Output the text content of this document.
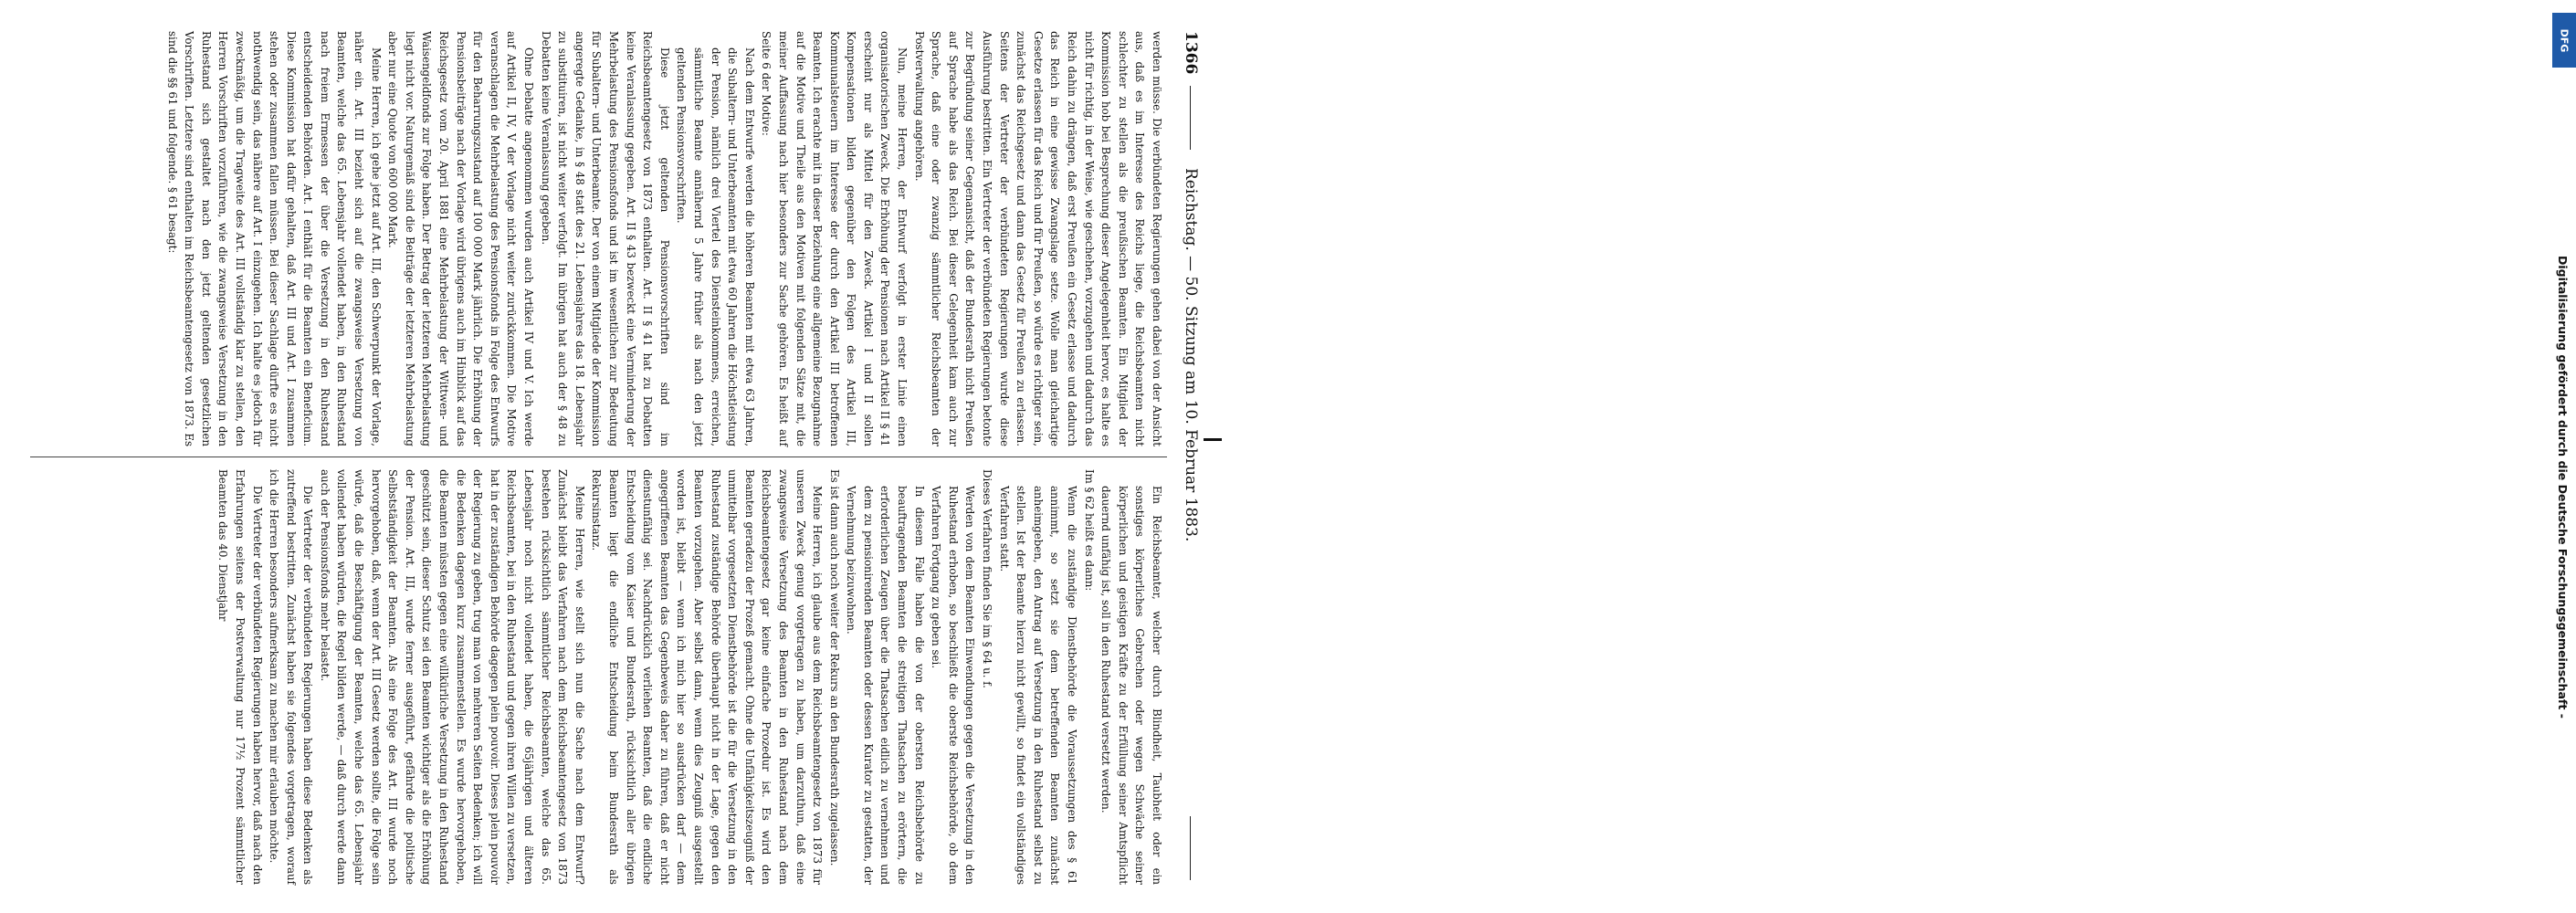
1366
Reichstag. — 50. Sitzung am 10. Februar 1883.

werden müsse. Die verbündeten Regierungen gehen dabei von der Ansicht aus, daß es im Interesse des Reichs liege, die Reichsbeamten nicht schlechter zu stellen als die preußischen Beamten. Ein Mitglied der Kommission hob bei Besprechung dieser Angelegenheit hervor, es halte es nicht für richtig, in der Weise, wie geschehen, vorzugehen und dadurch das Reich dahin zu drängen, daß erst Preußen ein Gesetz erlasse und dadurch das Reich in eine gewisse Zwangslage setze. Wolle man gleichartige Gesetze erlassen für das Reich und für Preußen, so würde es richtiger sein, zunächst das Reichsgesetz und dann das Gesetz für Preußen zu erlassen. Seitens der Vertreter der verbündeten Regierungen wurde diese Ausführung bestritten. Ein Vertreter der verbündeten Regierungen betonte zur Begründung seiner Gegenansicht, daß der Bundesrath nicht Preußen auf Sprache habe als das Reich. Bei dieser Gelegenheit kam auch zur Sprache, daß eine oder zwanzig sämmtlicher Reichsbeamten der Postverwaltung angehören.

Nun, meine Herren, der Entwurf verfolgt in erster Linie einen organisatorischen Zweck. Die Erhöhung der Pensionen nach Artikel II § 41 erscheint nur als Mittel für den Zweck. Artikel I und II sollen Kompensationen bilden gegenüber den Folgen des Artikel III, Kommunalsteuern im Interesse der durch den Artikel III betroffenen Beamten. Ich erachte mit in dieser Beziehung eine allgemeine Bezugnahme auf die Motive und Theile aus den Motiven mit folgenden Sätze mit, die meiner Auffassung nach hier besonders zur Sache gehören. Es heißt auf Seite 6 der Motive:

Nach dem Entwurfe werden die höheren Beamten mit etwa 63 Jahren, die Subaltern- und Unterbeamten mit etwa 60 Jahren die Höchstleistung der Pension, nämlich drei Viertel des Diensteinkommens, erreichen, sämmtliche Beamte annähernd 5 Jahre früher als nach den jetzt geltenden Pensionsvorschriften.

Diese jetzt geltenden Pensionsvorschriften sind im Reichsbeamtengesetz von 1873 enthalten. Art. II § 41 hat zu Debatten keine Veranlassung gegeben. Art. II § 43 bezweckt eine Verminderung der Mehrbelastung des Pensionsfonds und ist im wesentlichen zur Bedeutung für Subaltern- und Unterbeamte. Der von einem Mitgliede der Kommission angeregte Gedanke, in § 48 statt des 21. Lebensjahres das 18. Lebensjahr zu substituiren, ist nicht weiter verfolgt. Im übrigen hat auch der § 48 zu Debatten keine Veranlassung gegeben.

Ohne Debatte angenommen wurden auch Artikel IV und V. Ich werde auf Artikel II, IV, V der Vorlage nicht weiter zurückkommen. Die Motive veranschlagen die Mehrbelastung des Pensionsfonds in Folge des Entwurfs für den Beharrungszustand auf 100 000 Mark jährlich. Die Erhöhung der Pensionsbeiträge nach der Vorlage wird übrigens auch im Hinblick auf das Reichsgesetz vom 20. April 1881 eine Mehrbelastung der Wittwen- und Waisengeldfonds zur Folge haben. Der Betrag der letzteren Mehrbelastung liegt nicht vor. Naturgemäß sind die Beiträge der letzteren Mehrbelastung aber nur eine Quote von 600 000 Mark.

Meine Herren, ich gehe jetzt auf Art. III, den Schwerpunkt der Vorlage, näher ein. Art. III bezieht sich auf die zwangsweise Versetzung von Beamten, welche das 65. Lebensjahr vollendet haben, in den Ruhestand nach freiem Ermessen der über die Versetzung in den Ruhestand entscheidenden Behörden. Art. I enthält für die Beamten ein Beneficium. Diese Kommission hat dafür gehalten, daß Art. III und Art. I zusammen stehen oder zusammen fallen müssen. Bei dieser Sachlage dürfte es nicht nothwendig sein, das nähere auf Art. I einzugehen. Ich halte es jedoch für zweckmäßig, um die Tragweite des Art. III vollständig klar zu stellen, den Herren Vorschriften vorzuführen, wie die zwangsweise Versetzung in den Ruhestand sich gestaltet nach den jetzt geltenden gesetzlichen Vorschriften. Letztere sind enthalten im Reichsbeamtengesetz von 1873. Es sind die §§ 61 und folgende. § 61 besagt:

Ein Reichsbeamter, welcher durch Blindheit, Taubheit oder ein sonstiges körperliches Gebrechen oder wegen Schwäche seiner körperlichen und geistigen Kräfte zu der Erfüllung seiner Amtspflicht dauernd unfähig ist, soll in den Ruhestand versetzt werden.

Im § 62 heißt es dann:

Wenn die zuständige Dienstbehörde die Voraussetzungen des § 61 annimmt, so setzt sie dem betreffenden Beamten zunächst anheimgeben, den Antrag auf Versetzung in den Ruhestand selbst zu stellen. Ist der Beamte hierzu nicht gewillt, so findet ein vollständiges Verfahren statt.

Dieses Verfahren finden Sie im § 64 u. f.

Werden von dem Beamten Einwendungen gegen die Versetzung in den Ruhestand erhoben, so beschließt die oberste Reichsbehörde, ob dem Verfahren Fortgang zu geben sei.

In diesem Falle haben die von der obersten Reichsbehörde zu beauftragenden Beamten die streitigen Thatsachen zu erörtern, die erforderlichen Zeugen über die Thatsachen eidlich zu vernehmen und dem zu pensionirenden Beamten oder dessen Kurator zu gestatten, der Vernehmung beizuwohnen.

Es ist dann auch noch weiter der Rekurs an den Bundesrath zugelassen.

Meine Herren, ich glaube aus dem Reichsbeamtengesetz von 1873 für unseren Zweck genug vorgetragen zu haben, um darzuthun, daß eine zwangsweise Versetzung des Beamten in den Ruhestand nach dem Reichsbeamtengesetz gar keine einfache Prozedur ist. Es wird den Beamten geradezu der Prozeß gemacht. Ohne die Unfähigkeitszeugniß der unmittelbar vorgesetzten Dienstbehörde ist die für die Versetzung in den Ruhestand zuständige Behörde überhaupt nicht in der Lage, gegen den Beamten vorzugehen. Aber selbst dann, wenn dies Zeugniß ausgestellt worden ist, bleibt — wenn ich mich hier so ausdrücken darf — dem angegriffenen Beamten das Gegenbeweis daher zu führen, daß er nicht dienstunfähig sei. Nachdrücklich verliehen Beamten, daß die endliche Entscheidung vom Kaiser und Bundesrath, rücksichtlich aller übrigen Beamten liegt die endliche Entscheidung beim Bundesrath als Rekursinstanz.

Meine Herren, wie stellt sich nun die Sache nach dem Entwurf? Zunächst bleibt das Verfahren nach dem Reichsbeamtengesetz von 1873 bestehen rücksichtlich sämmtlicher Reichsbeamten, welche das 65. Lebensjahr noch nicht vollendet haben, die 65jährigen und älteren Reichsbeamten, bei in den Ruhestand und gegen ihren Willen zu versetzen, hat in der zuständigen Behörde dagegen plein pouvoir. Dieses plein pouvoir der Regierung zu geben, trug man von mehreren Seiten Bedenken; ich will die Bedenken dagegen kurz zusammenstellen. Es wurde hervorgehoben, die Beamten müssten gegen eine willkürliche Versetzung in den Ruhestand geschützt sein, dieser Schutz sei den Beamten wichtiger als die Erhöhung der Pension. Art. III, wurde ferner ausgeführt, gefährde die politische Selbstständigkeit der Beamten. Als eine Folge des Art. III wurde noch hervorgehoben, daß, wenn der Art. III Gesetz werden sollte, die Folge sein würde, daß die Beschäftigung der Beamten, welche das 65. Lebensjahr vollendet haben würden, die Regel bilden werde, — daß durch werde dann auch der Pensionsfonds mehr belastet.

Die Vertreter der verbündeten Regierungen haben diese Bedenken als zutreffend bestritten. Zunächst haben sie folgendes vorgetragen, worauf ich die Herren besonders aufmerksam zu machen mir erlauben möchte.

Die Vertreter der verbündeten Regierungen haben hervor, daß nach den Erfahrungen seitens der Postverwaltung nur 17½ Prozent sämmtlicher Beamten das 40. Dienstjahr

DFG
Digitalisierung gefördert durch die Deutsche Forschungsgemeinschaft -
